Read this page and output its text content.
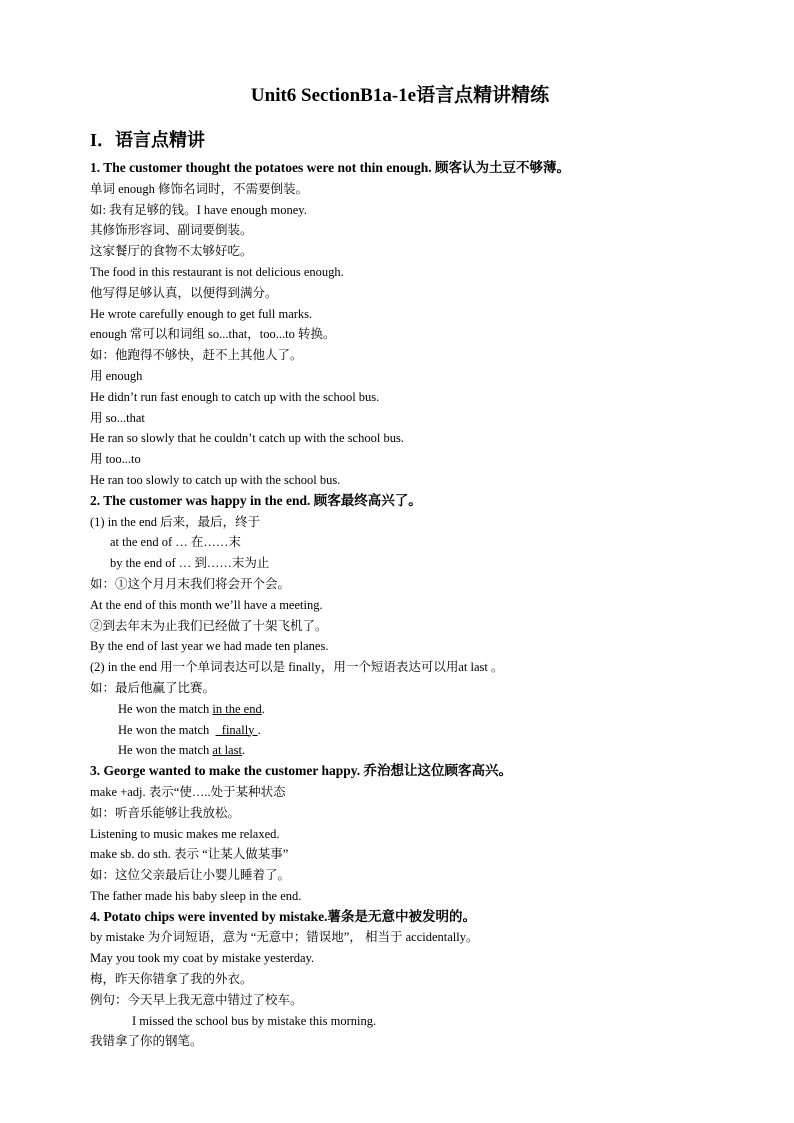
Unit6 SectionB1a-1e语言点精讲精练
I．语言点精讲
1. The customer thought the potatoes were not thin enough. 顾客认为土豆不够薄。
单词 enough 修饰名词时，不需要倒装。
如: 我有足够的钱。I have enough money.
其修饰形容词、副词要倒装。
这家餐厅的食物不太够好吃。
The food in this restaurant is not delicious enough.
他写得足够认真，以便得到满分。
He wrote carefully enough to get full marks.
enough 常可以和词组 so...that，too...to 转换。
如：他跑得不够快，赶不上其他人了。
用 enough
He didn’t run fast enough to catch up with the school bus.
用 so...that
He ran so slowly that he couldn’t catch up with the school bus.
用 too...to
He ran too slowly to catch up with the school bus.
2. The customer was happy in the end. 顾客最终高兴了。
(1) in the end 后来，最后，终于
at the end of … 在……末
by the end of … 到……末为止
如：①这个月月末我们将会开个会。
At the end of this month we’ll have a meeting.
②到去年末为止我们已经做了十架飞机了。
By the end of last year we had made ten planes.
(2) in the end 用一个单词表达可以是 finally，用一个短语表达可以用at last 。
如：最后他赢了比赛。
He won the match in the end.
He won the match    finally .
He won the match at last.
3. George wanted to make the customer happy. 乔治想让这位顾客高兴。
make +adj. 表示“使…..处于某种状态
如：听音乐能够让我放松。
Listening to music makes me relaxed.
make sb. do sth. 表示 “让某人做某事”
如：这位父亲最后让小婴儿睡着了。
The father made his baby sleep in the end.
4. Potato chips were invented by mistake.薯条是无意中被发明的。
by mistake 为介词短语，意为 “无意中；错误地”， 相当于 accidentally。
May you took my coat by mistake yesterday.
梅，昨天你错拿了我的外衣。
例句：今天早上我无意中错过了校车。
I missed the school bus by mistake this morning.
我错拿了你的钢笔。
